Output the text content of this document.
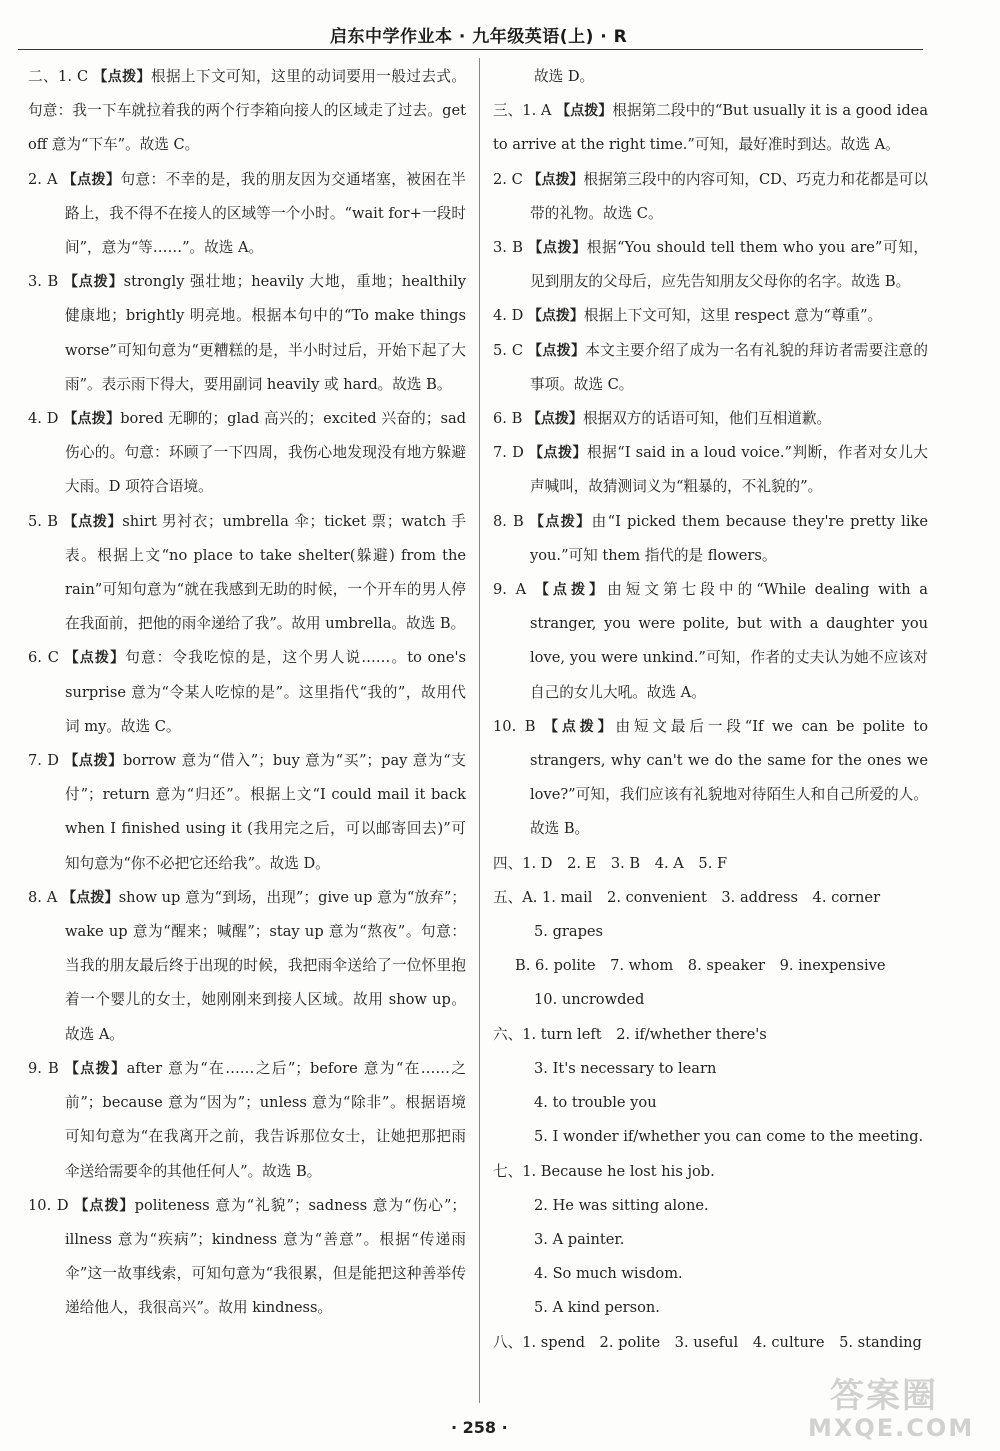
启东中学作业本 · 九年级英语(上) · R

二、1. C 【点拨】根据上下文可知，这里的动词要用一般过去式。句意：我一下车就拉着我的两个行李箱向接人的区域走了过去。get off 意为“下车”。故选 C。

2. A 【点拨】句意：不幸的是，我的朋友因为交通堵塞，被困在半路上，我不得不在接人的区域等一个小时。“wait for+一段时间”，意为“等……”。故选 A。

3. B 【点拨】strongly 强壮地；heavily 大地，重地；healthily 健康地；brightly 明亮地。根据本句中的“To make things worse”可知句意为“更糟糕的是，半小时过后，开始下起了大雨”。表示雨下得大，要用副词 heavily 或 hard。故选 B。

4. D 【点拨】bored 无聊的；glad 高兴的；excited 兴奋的；sad 伤心的。句意：环顾了一下四周，我伤心地发现没有地方躲避大雨。D 项符合语境。

5. B 【点拨】shirt 男衬衣；umbrella 伞；ticket 票；watch 手表。根据上文“no place to take shelter(躲避) from the rain”可知句意为“就在我感到无助的时候，一个开车的男人停在我面前，把他的雨伞递给了我”。故用 umbrella。故选 B。

6. C 【点拨】句意：令我吃惊的是，这个男人说……。to one's surprise 意为“令某人吃惊的是”。这里指代“我的”，故用代词 my。故选 C。

7. D 【点拨】borrow 意为“借入”；buy 意为“买”；pay 意为“支付”；return 意为“归还”。根据上文“I could mail it back when I finished using it (我用完之后，可以邮寄回去)”可知句意为“你不必把它还给我”。故选 D。

8. A 【点拨】show up 意为“到场，出现”；give up 意为“放弃”；wake up 意为“醒来；喊醒”；stay up 意为“熬夜”。句意：当我的朋友最后终于出现的时候，我把雨伞送给了一位怀里抱着一个婴儿的女士，她刚刚来到接人区域。故用 show up。故选 A。

9. B 【点拨】after 意为“在……之后”；before 意为“在……之前”；because 意为“因为”；unless 意为“除非”。根据语境可知句意为“在我离开之前，我告诉那位女士，让她把那把雨伞送给需要伞的其他任何人”。故选 B。

10. D 【点拨】politeness 意为“礼貌”；sadness 意为“伤心”；illness 意为“疾病”；kindness 意为“善意”。根据“传递雨伞”这一故事线索，可知句意为“我很累，但是能把这种善举传递给他人，我很高兴”。故用 kindness。

故选 D。

三、1. A 【点拨】根据第二段中的“But usually it is a good idea to arrive at the right time.”可知，最好准时到达。故选 A。

2. C 【点拨】根据第三段中的内容可知，CD、巧克力和花都是可以带的礼物。故选 C。

3. B 【点拨】根据“You should tell them who you are”可知，见到朋友的父母后，应先告知朋友父母你的名字。故选 B。

4. D 【点拨】根据上下文可知，这里 respect 意为“尊重”。

5. C 【点拨】本文主要介绍了成为一名有礼貌的拜访者需要注意的事项。故选 C。

6. B 【点拨】根据双方的话语可知，他们互相道歉。

7. D 【点拨】根据“I said in a loud voice.”判断，作者对女儿大声喊叫，故猜测词义为“粗暴的，不礼貌的”。

8. B 【点拨】由“I picked them because they're pretty like you.”可知 them 指代的是 flowers。

9. A 【点拨】由短文第七段中的“While dealing with a stranger, you were polite, but with a daughter you love, you were unkind.”可知，作者的丈夫认为她不应该对自己的女儿大吼。故选 A。

10. B 【点拨】由短文最后一段“If we can be polite to strangers, why can't we do the same for the ones we love?”可知，我们应该有礼貌地对待陌生人和自己所爱的人。故选 B。

四、1. D　2. E　3. B　4. A　5. F

五、A. 1. mail　2. convenient　3. address　4. corner

5. grapes

B. 6. polite　7. whom　8. speaker　9. inexpensive

10. uncrowded

六、1. turn left　2. if/whether there's

3. It's necessary to learn

4. to trouble you

5. I wonder if/whether you can come to the meeting.

七、1. Because he lost his job.

2. He was sitting alone.

3. A painter.

4. So much wisdom.

5. A kind person.

八、1. spend　2. polite　3. useful　4. culture　5. standing

· 258 ·
答案圈
MXQE.COM
